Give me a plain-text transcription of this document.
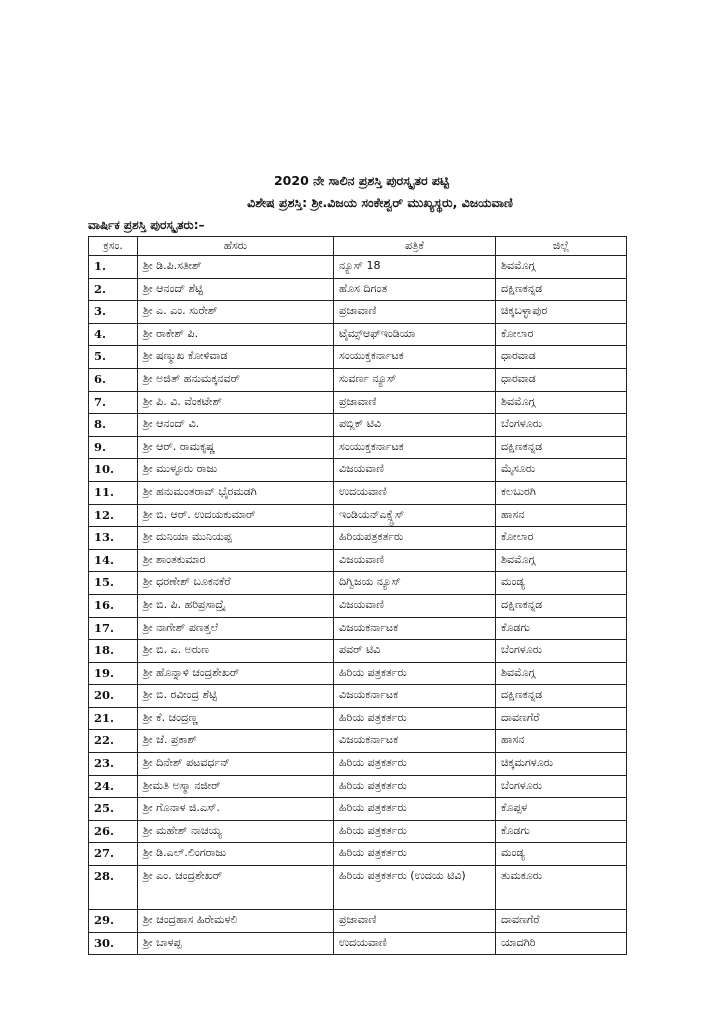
2020 ನೇ ಸಾಲಿನ ಪ್ರಶಸ್ತಿ ಪುರಸ್ಕೃತರ ಪಟ್ಟಿ
ವಿಶೇಷ ಪ್ರಶಸ್ತಿ: ಶ್ರೀ.ವಿಜಯ ಸಂಕೇಶ್ವರ್ ಮುಖ್ಯಸ್ಥರು, ವಿಜಯವಾಣಿ
ವಾರ್ಷಿಕ ಪ್ರಶಸ್ತಿ ಪುರಸ್ಕೃತರು:–
ಕ್ರಸಂ.	ಹೆಸರು	ಪತ್ರಿಕೆ	ಜಿಲ್ಲೆ
1.	ಶ್ರೀ ಡಿ.ಪಿ.ಸತೀಶ್	ನ್ಯೂಸ್ 18	ಶಿವಮೊಗ್ಗ
2.	ಶ್ರೀ ಆನಂದ್ ಶೆಟ್ಟಿ	ಹೊಸ ದಿಗಂತ	ದಕ್ಷಿಣಕನ್ನಡ
3.	ಶ್ರೀ ಎ. ಎಂ. ಸುರೇಶ್	ಪ್ರಜಾವಾಣಿ	ಚಿಕ್ಕಬಳ್ಳಾಪುರ
4.	ಶ್ರೀ ರಾಕೇಶ್ ಪಿ.	ಟೈಮ್ಸ್ಆಫ್ಇಂಡಿಯಾ	ಕೋಲಾರ
5.	ಶ್ರೀ ಷಣ್ಮುಖ ಕೋಳಿವಾಡ	ಸಂಯುಕ್ತಕರ್ನಾಟಕ	ಧಾರವಾಡ
6.	ಶ್ರೀ ಅಜಿತ್ ಹನುಮಕ್ಕನವರ್	ಸುವರ್ಣ ನ್ಯೂಸ್	ಧಾರವಾಡ
7.	ಶ್ರೀ ಪಿ. ವಿ. ವೆಂಕಟೇಶ್	ಪ್ರಜಾವಾಣಿ	ಶಿವಮೊಗ್ಗ
8.	ಶ್ರೀ ಆನಂದ್ ವಿ.	ಪಬ್ಲಿಕ್ ಟಿವಿ	ಬೆಂಗಳೂರು
9.	ಶ್ರೀ ಆರ್. ರಾಮಕೃಷ್ಣ	ಸಂಯುಕ್ತಕರ್ನಾಟಕ	ದಕ್ಷಿಣಕನ್ನಡ
10.	ಶ್ರೀ ಮುಳ್ಳೂರು ರಾಜು	ವಿಜಯವಾಣಿ	ಮೈಸೂರು
11.	ಶ್ರೀ ಹನುಮಂತರಾವ್ ಭೈರಮಡಗಿ	ಉದಯವಾಣಿ	ಕಲಬುರಗಿ
12.	ಶ್ರೀ ಬಿ. ಆರ್. ಉದಯಕುಮಾರ್	ಇಂಡಿಯನ್ಎಕ್ಸ್ಪ್ರೆಸ್	ಹಾಸನ
13.	ಶ್ರೀ ದುನಿಯಾ ಮುನಿಯಪ್ಪ	ಹಿರಿಯಪತ್ರಕರ್ತರು	ಕೋಲಾರ
14.	ಶ್ರೀ ಶಾಂತಕುಮಾರ	ವಿಜಯವಾಣಿ	ಶಿವಮೊಗ್ಗ
15.	ಶ್ರೀ ಧರಣೇಶ್ ಬೂಕನಕೆರೆ	ದಿಗ್ವಿಜಯ ನ್ಯೂಸ್	ಮಂಡ್ಯ
16.	ಶ್ರೀ ಬಿ. ಪಿ. ಹರಿಪ್ರಸಾದ್ರೈ	ವಿಜಯವಾಣಿ	ದಕ್ಷಿಣಕನ್ನಡ
17.	ಶ್ರೀ ನಾಗೇಶ್ ಪಣತ್ತಲೆ	ವಿಜಯಕರ್ನಾಟಕ	ಕೊಡಗು
18.	ಶ್ರೀ ಬಿ. ಎ. ಅರುಣ	ಪವರ್ ಟಿವಿ	ಬೆಂಗಳೂರು
19.	ಶ್ರೀ ಹೊನ್ನಾಳಿ ಚಂದ್ರಶೇಖರ್	ಹಿರಿಯ ಪತ್ರಕರ್ತರು	ಶಿವಮೊಗ್ಗ
20.	ಶ್ರೀ ಬಿ. ರವೀಂದ್ರ ಶೆಟ್ಟಿ	ವಿಜಯಕರ್ನಾಟಕ	ದಕ್ಷಿಣಕನ್ನಡ
21.	ಶ್ರೀ ಕೆ. ಚಂದ್ರಣ್ಣ	ಹಿರಿಯ ಪತ್ರಕರ್ತರು	ದಾವಣಗೆರೆ
22.	ಶ್ರೀ ಜೆ. ಪ್ರಕಾಶ್	ವಿಜಯಕರ್ನಾಟಕ	ಹಾಸನ
23.	ಶ್ರೀ ದಿನೇಶ್ ಪಟವರ್ಧನ್	ಹಿರಿಯ ಪತ್ರಕರ್ತರು	ಚಿಕ್ಕಮಗಳೂರು
24.	ಶ್ರೀಮತಿ ಅಸ್ಮಾ ನಜೀರ್	ಹಿರಿಯ ಪತ್ರಕರ್ತರು	ಬೆಂಗಳೂರು
25.	ಶ್ರೀ ಗೊನಾಳ ಜಿ.ಎಸ್.	ಹಿರಿಯ ಪತ್ರಕರ್ತರು	ಕೊಪ್ಪಳ
26.	ಶ್ರೀ ಮಹೇಶ್ ನಾಚಯ್ಯ	ಹಿರಿಯ ಪತ್ರಕರ್ತರು	ಕೊಡಗು
27.	ಶ್ರೀ ಡಿ.ಎಲ್.ಲಿಂಗರಾಜು	ಹಿರಿಯ ಪತ್ರಕರ್ತರು	ಮಂಡ್ಯ
28.	ಶ್ರೀ ಎಂ. ಚಂದ್ರಶೇಖರ್	ಹಿರಿಯ ಪತ್ರಕರ್ತರು (ಉದಯ ಟಿವಿ)	ತುಮಕೂರು
29.	ಶ್ರೀ ಚಂದ್ರಹಾಸ ಹಿರೇಮಳಲಿ	ಪ್ರಜಾವಾಣಿ	ದಾವಣಗೆರೆ
30.	ಶ್ರೀ ಬಾಳಪ್ಪ	ಉದಯವಾಣಿ	ಯಾದಗಿರಿ
